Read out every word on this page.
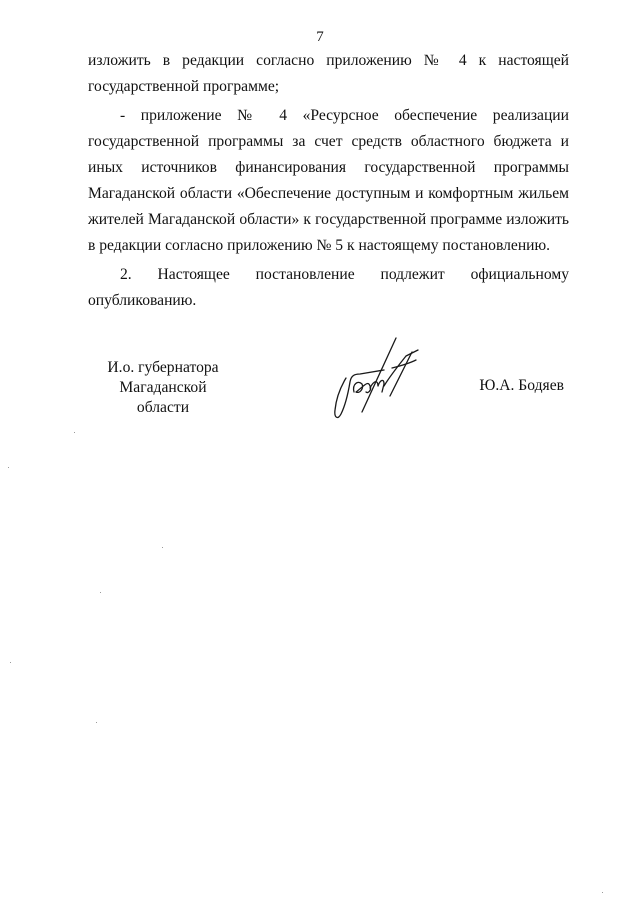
7

изложить в редакции согласно приложению № 4 к настоящей государственной программе;

- приложение № 4 «Ресурсное обеспечение реализации государственной программы за счет средств областного бюджета и иных источников финансирования государственной программы Магаданской области «Обеспечение доступным и комфортным жильем жителей Магаданской области» к государственной программе изложить в редакции согласно приложению № 5 к настоящему постановлению.

2. Настоящее постановление подлежит официальному опубликованию.

И.о. губернатора
Магаданской области
Ю.А. Бодяев
